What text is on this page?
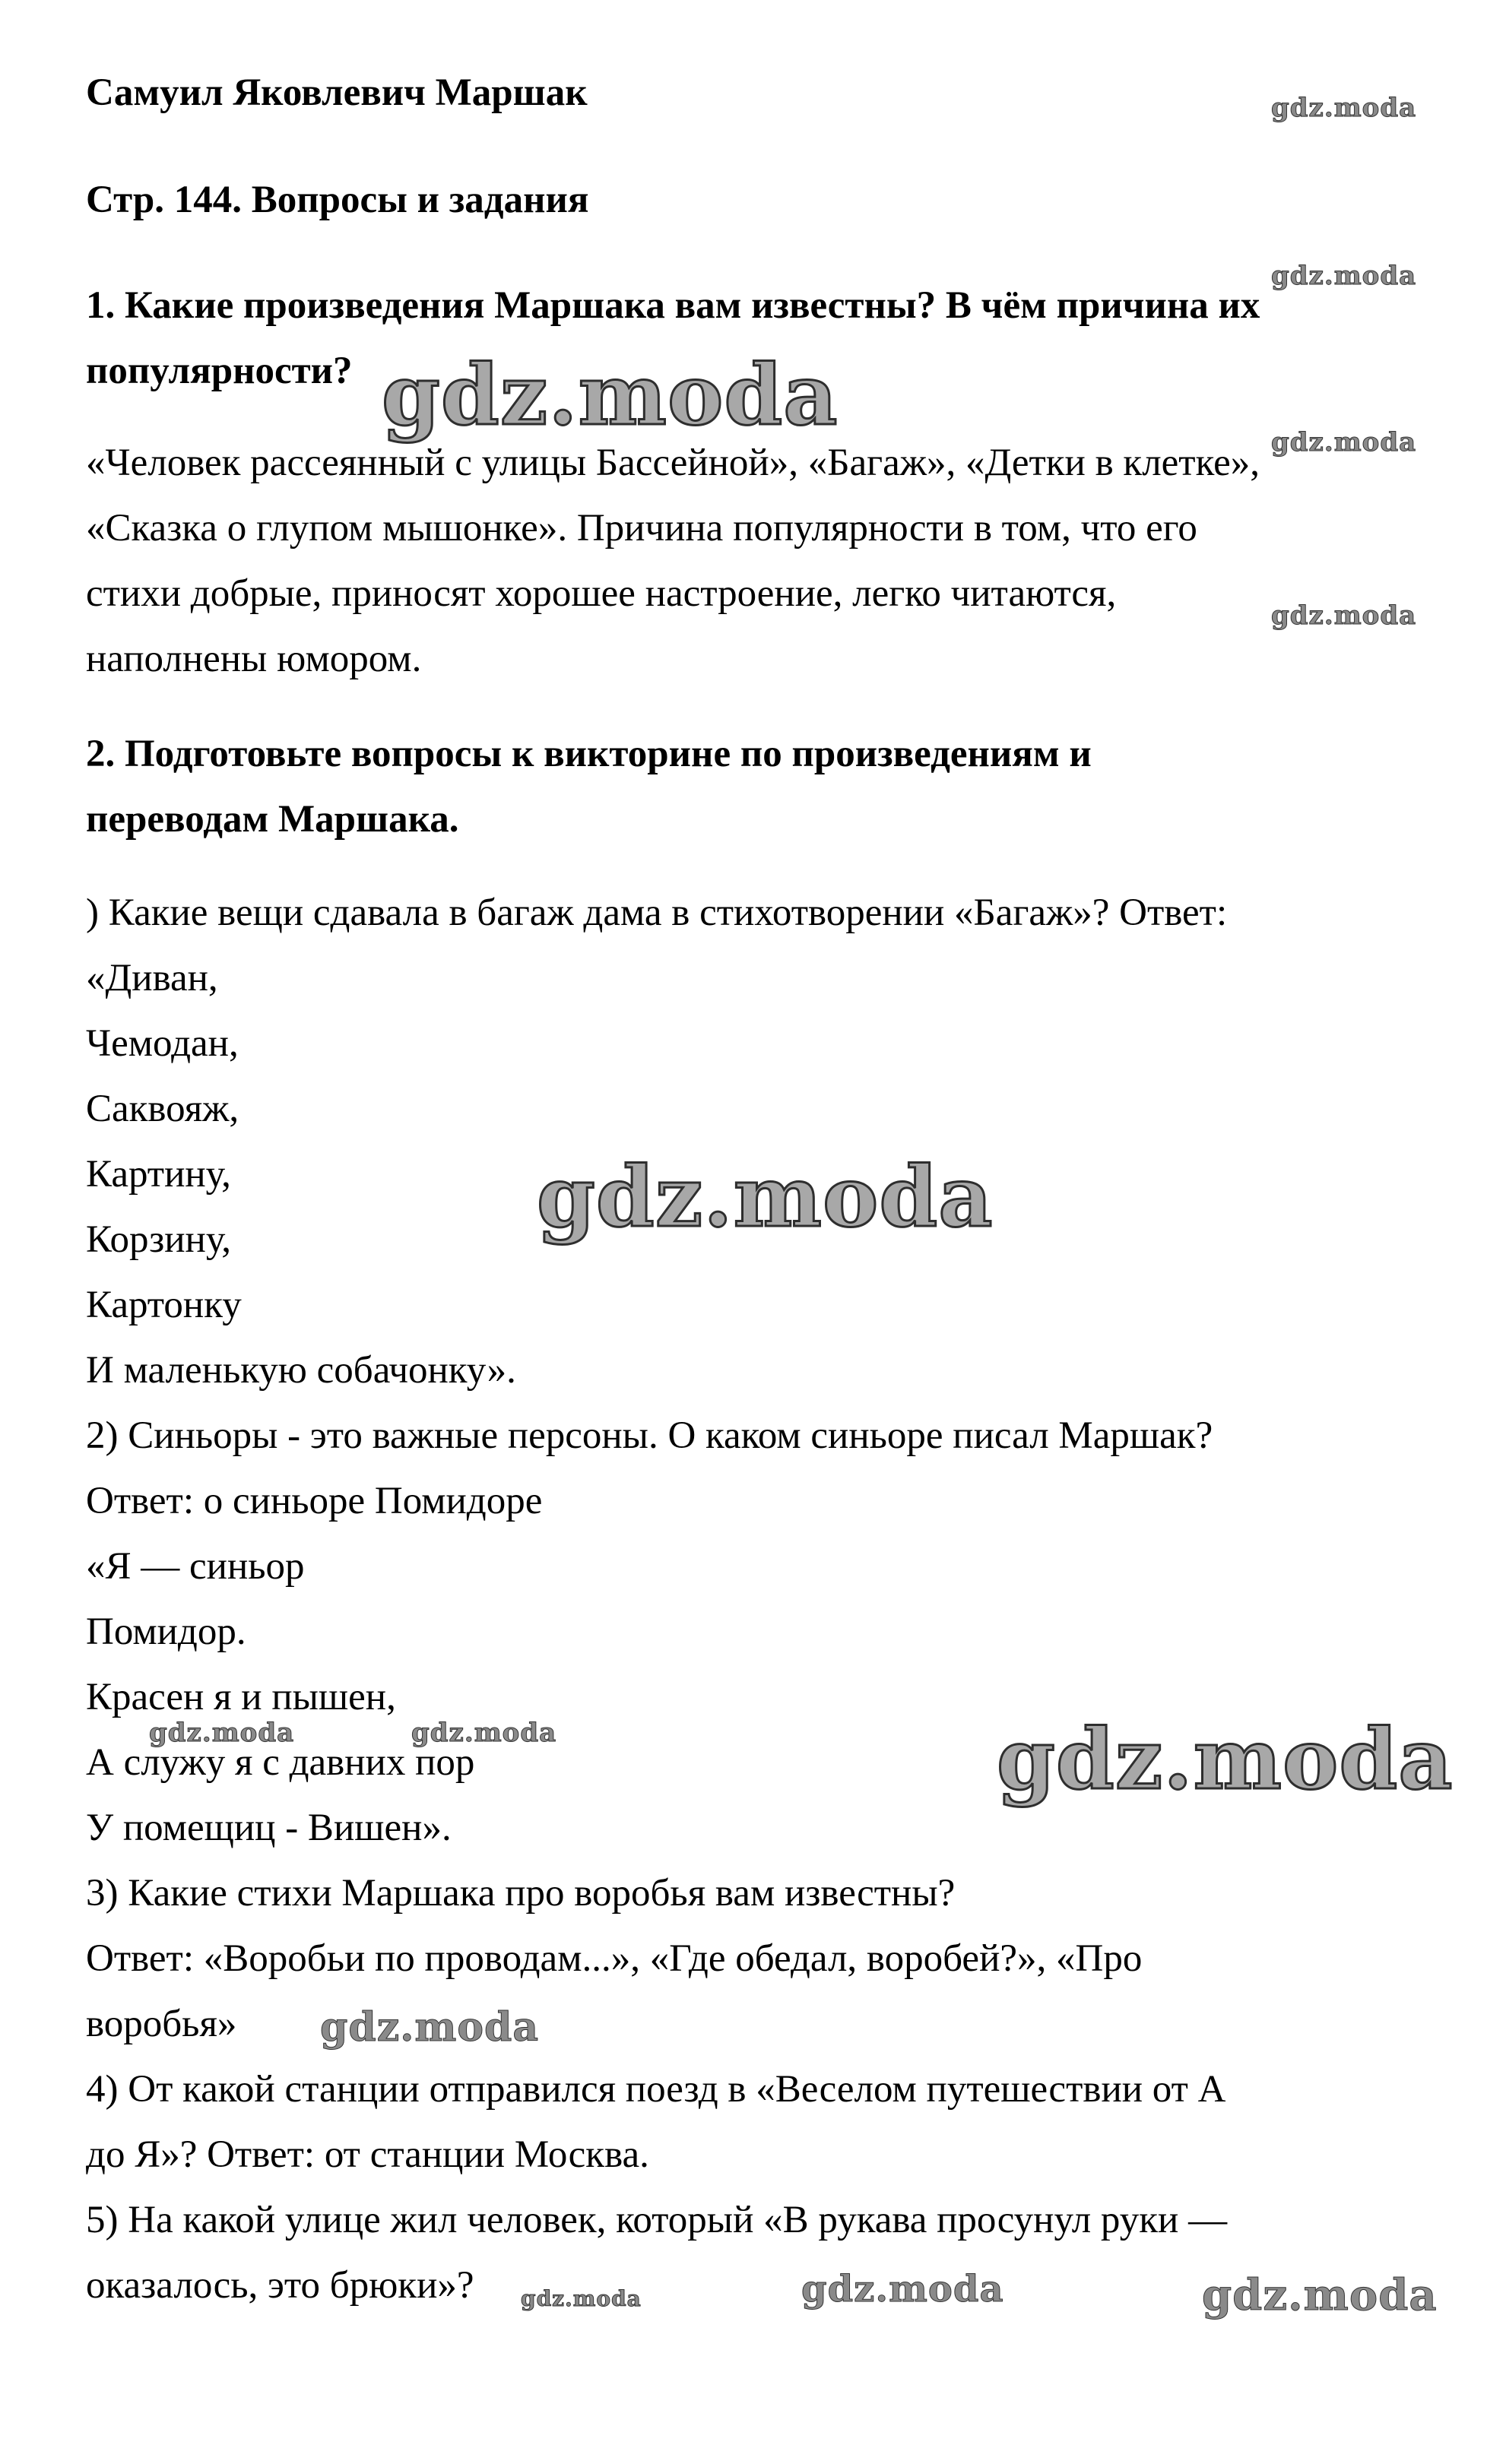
Самуил Яковлевич Маршак
Стр. 144. Вопросы и задания
1. Какие произведения Маршака вам известны? В чём причина их
популярности?
«Человек рассеянный с улицы Бассейной», «Багаж», «Детки в клетке»,
«Сказка о глупом мышонке». Причина популярности в том, что его
стихи добрые, приносят хорошее настроение, легко читаются,
наполнены юмором.
2. Подготовьте вопросы к викторине по произведениям и
переводам Маршака.
) Какие вещи сдавала в багаж дама в стихотворении «Багаж»? Ответ:
«Диван,
Чемодан,
Саквояж,
Картину,
Корзину,
Картонку
И маленькую собачонку».
2) Синьоры - это важные персоны. О каком синьоре писал Маршак?
Ответ: о синьоре Помидоре
«Я — синьор
Помидор.
Красен я и пышен,
А служу я с давних пор
У помещиц - Вишен».
3) Какие стихи Маршака про воробья вам известны?
Ответ: «Воробьи по проводам...», «Где обедал, воробей?», «Про
воробья»
4) От какой станции отправился поезд в «Веселом путешествии от А
до Я»? Ответ: от станции Москва.
5) На какой улице жил человек, который «В рукава просунул руки —
оказалось, это брюки»?
gdz.moda
gdz.moda
gdz.moda	gdz.moda
gdz.moda
gdz.moda
gdz.moda	gdz.moda	gdz.moda
gdz.moda
gdz.moda	gdz.moda
gdz.moda
